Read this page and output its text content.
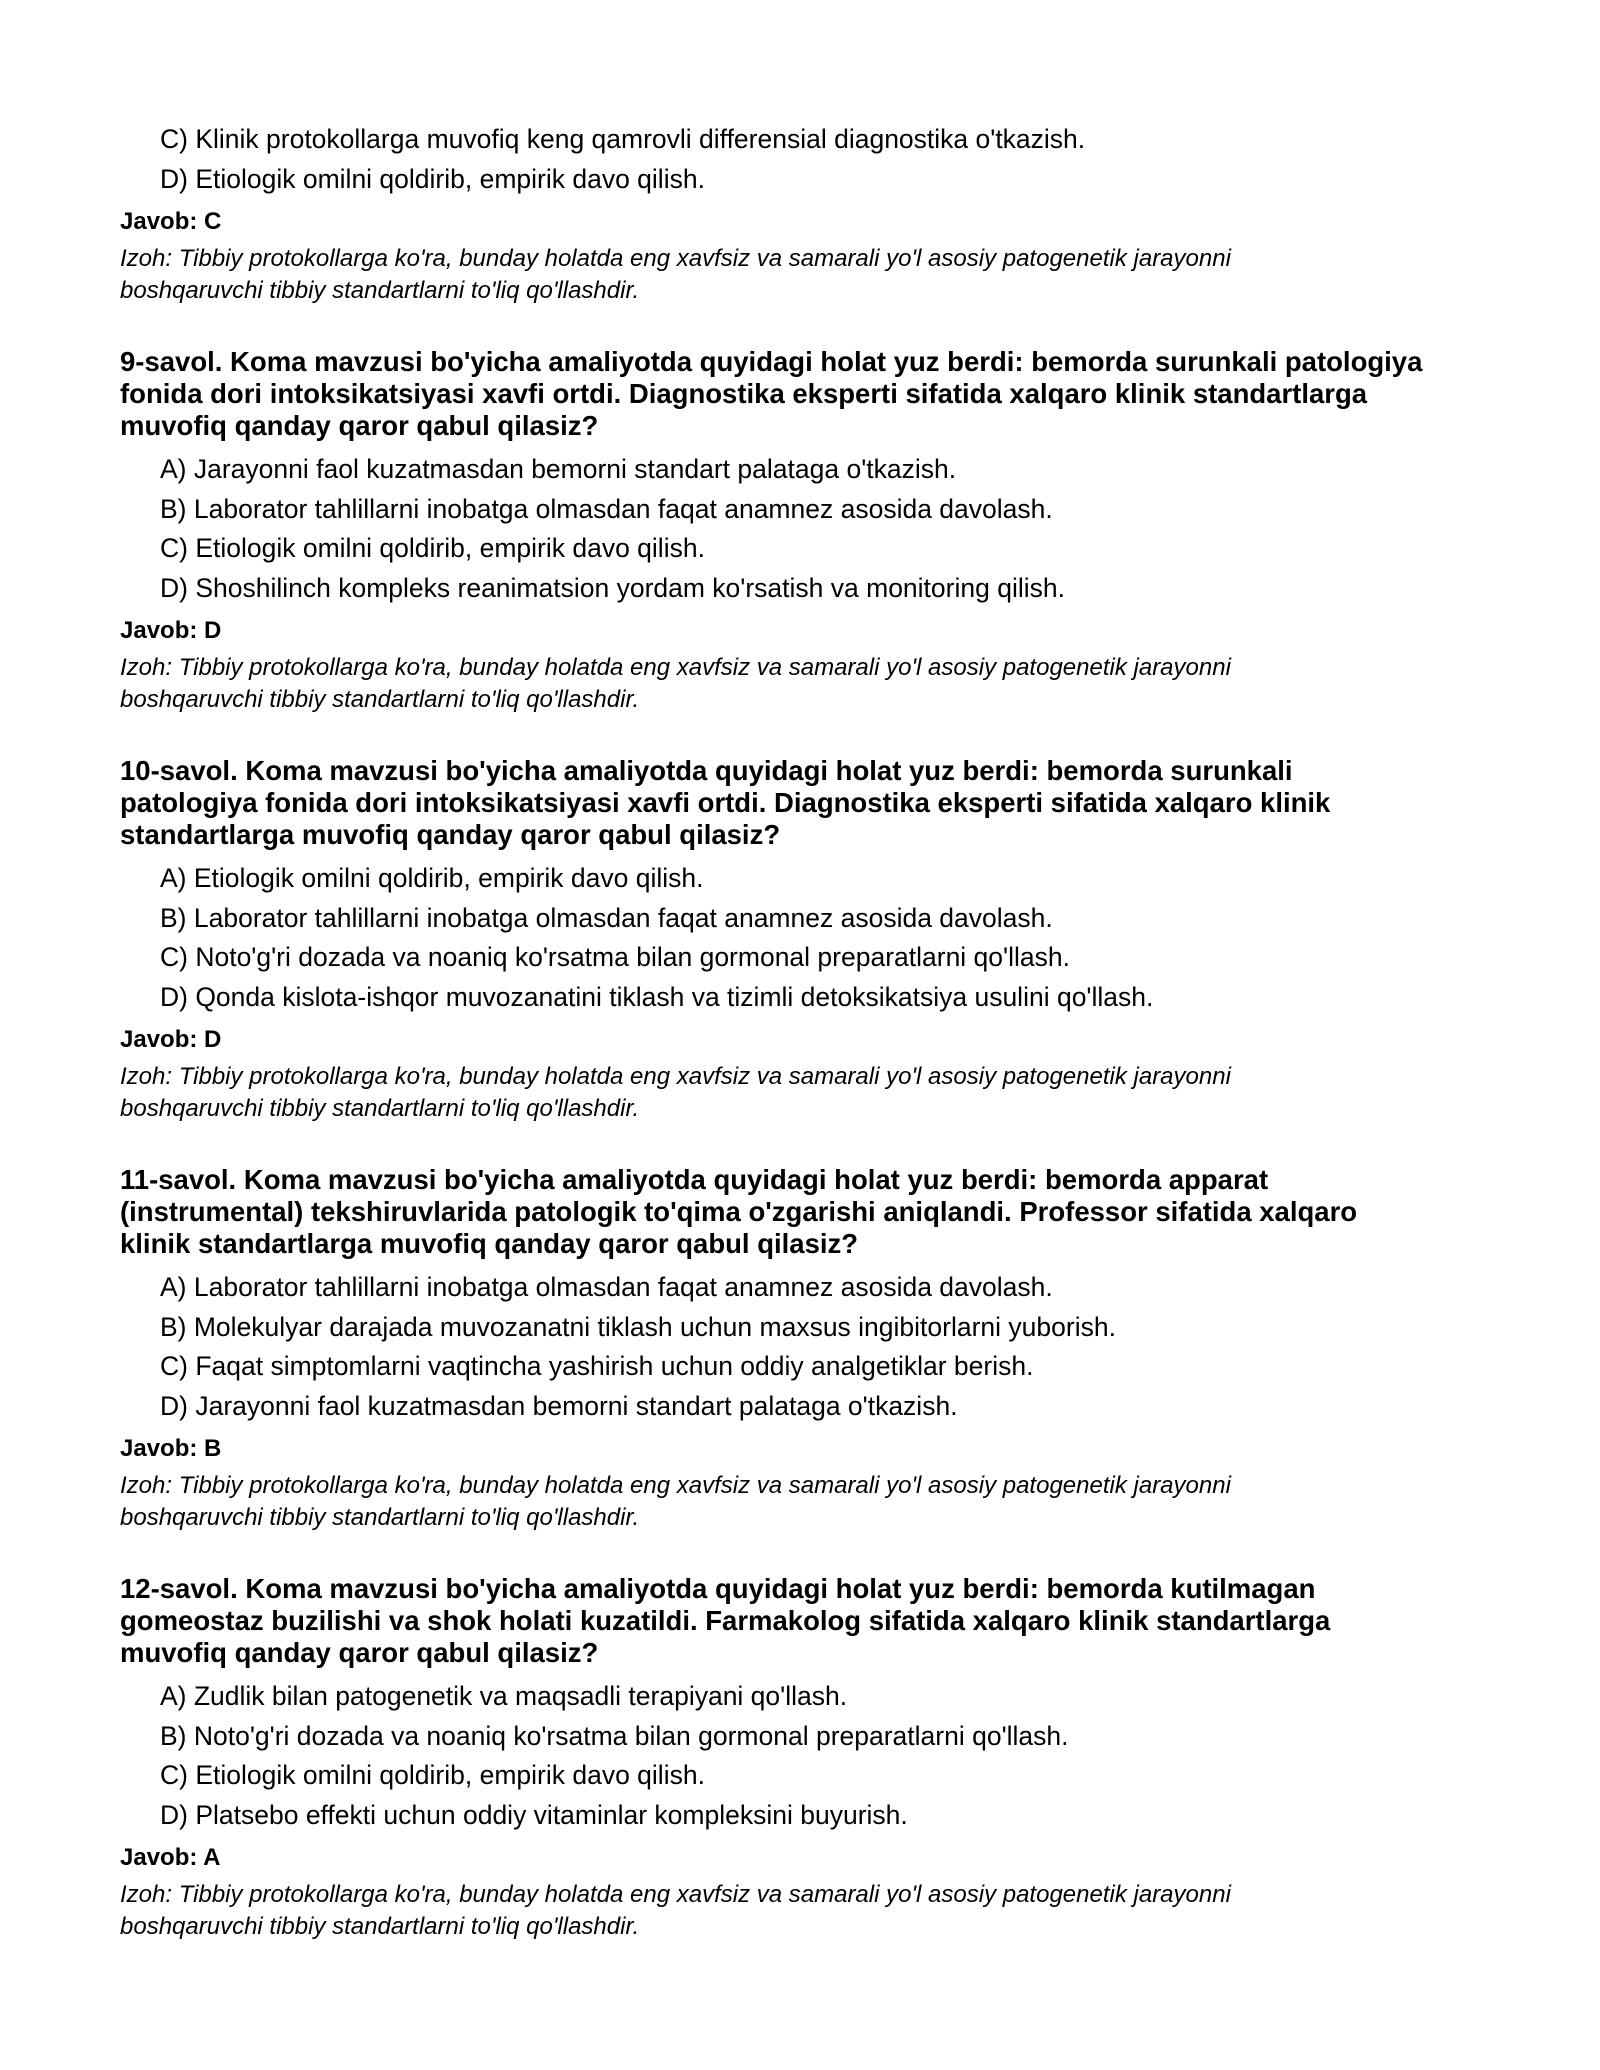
C) Klinik protokollarga muvofiq keng qamrovli differensial diagnostika o'tkazish.
D) Etiologik omilni qoldirib, empirik davo qilish.
Javob: C
Izoh: Tibbiy protokollarga ko'ra, bunday holatda eng xavfsiz va samarali yo'l asosiy patogenetik jarayonni
boshqaruvchi tibbiy standartlarni to'liq qo'llashdir.
9-savol. Koma mavzusi bo'yicha amaliyotda quyidagi holat yuz berdi: bemorda surunkali patologiya
fonida dori intoksikatsiyasi xavfi ortdi. Diagnostika eksperti sifatida xalqaro klinik standartlarga
muvofiq qanday qaror qabul qilasiz?
A) Jarayonni faol kuzatmasdan bemorni standart palataga o'tkazish.
B) Laborator tahlillarni inobatga olmasdan faqat anamnez asosida davolash.
C) Etiologik omilni qoldirib, empirik davo qilish.
D) Shoshilinch kompleks reanimatsion yordam ko'rsatish va monitoring qilish.
Javob: D
Izoh: Tibbiy protokollarga ko'ra, bunday holatda eng xavfsiz va samarali yo'l asosiy patogenetik jarayonni
boshqaruvchi tibbiy standartlarni to'liq qo'llashdir.
10-savol. Koma mavzusi bo'yicha amaliyotda quyidagi holat yuz berdi: bemorda surunkali
patologiya fonida dori intoksikatsiyasi xavfi ortdi. Diagnostika eksperti sifatida xalqaro klinik
standartlarga muvofiq qanday qaror qabul qilasiz?
A) Etiologik omilni qoldirib, empirik davo qilish.
B) Laborator tahlillarni inobatga olmasdan faqat anamnez asosida davolash.
C) Noto'g'ri dozada va noaniq ko'rsatma bilan gormonal preparatlarni qo'llash.
D) Qonda kislota-ishqor muvozanatini tiklash va tizimli detoksikatsiya usulini qo'llash.
Javob: D
Izoh: Tibbiy protokollarga ko'ra, bunday holatda eng xavfsiz va samarali yo'l asosiy patogenetik jarayonni
boshqaruvchi tibbiy standartlarni to'liq qo'llashdir.
11-savol. Koma mavzusi bo'yicha amaliyotda quyidagi holat yuz berdi: bemorda apparat
(instrumental) tekshiruvlarida patologik to'qima o'zgarishi aniqlandi. Professor sifatida xalqaro
klinik standartlarga muvofiq qanday qaror qabul qilasiz?
A) Laborator tahlillarni inobatga olmasdan faqat anamnez asosida davolash.
B) Molekulyar darajada muvozanatni tiklash uchun maxsus ingibitorlarni yuborish.
C) Faqat simptomlarni vaqtincha yashirish uchun oddiy analgetiklar berish.
D) Jarayonni faol kuzatmasdan bemorni standart palataga o'tkazish.
Javob: B
Izoh: Tibbiy protokollarga ko'ra, bunday holatda eng xavfsiz va samarali yo'l asosiy patogenetik jarayonni
boshqaruvchi tibbiy standartlarni to'liq qo'llashdir.
12-savol. Koma mavzusi bo'yicha amaliyotda quyidagi holat yuz berdi: bemorda kutilmagan
gomeostaz buzilishi va shok holati kuzatildi. Farmakolog sifatida xalqaro klinik standartlarga
muvofiq qanday qaror qabul qilasiz?
A) Zudlik bilan patogenetik va maqsadli terapiyani qo'llash.
B) Noto'g'ri dozada va noaniq ko'rsatma bilan gormonal preparatlarni qo'llash.
C) Etiologik omilni qoldirib, empirik davo qilish.
D) Platsebo effekti uchun oddiy vitaminlar kompleksini buyurish.
Javob: A
Izoh: Tibbiy protokollarga ko'ra, bunday holatda eng xavfsiz va samarali yo'l asosiy patogenetik jarayonni
boshqaruvchi tibbiy standartlarni to'liq qo'llashdir.
